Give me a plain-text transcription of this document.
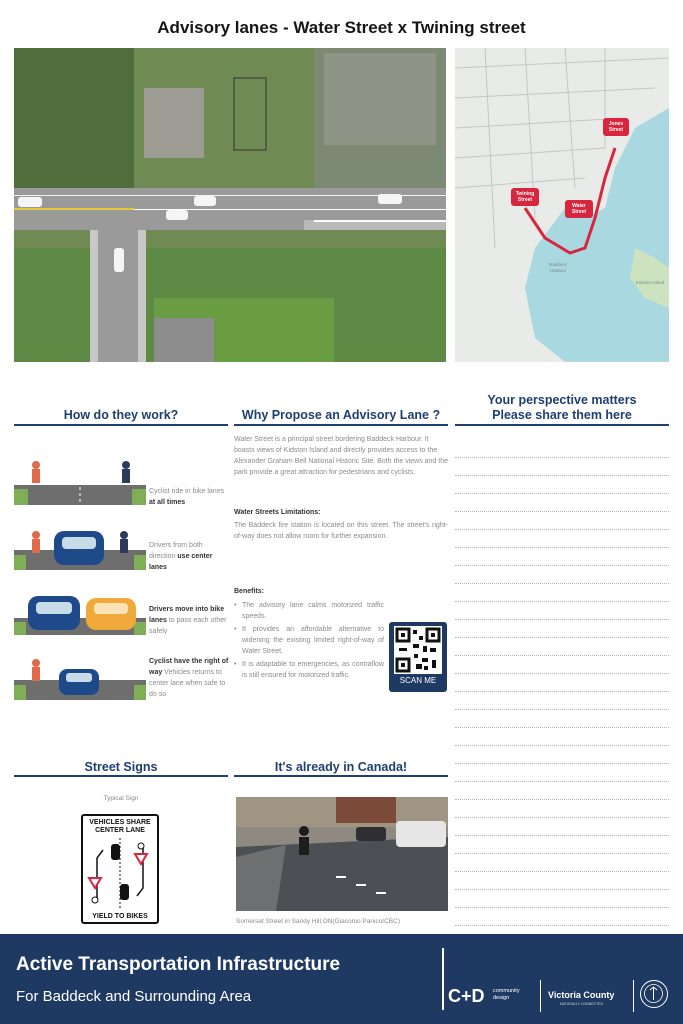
Advisory lanes - Water Street x Twining street
Jones Street
Twining Street
Water Street
Baddeck Harbour
Kidston Island
How do they work?	Why Propose an Advisory Lane ?
Your perspective matters
Please share them here
Cyclist ride in bike lanes at all times
Drivers from both direction use center lanes
Drivers move into bike lanes to pass each other safely
Cyclist have the right of way Vehicles returns to center lane when safe to do so
Water Street is a principal street bordering Baddeck Harbour. It boasts views of Kidston Island and directly provides access to the Alexander Graham Bell National Historic Site. Both the views and the park provide a great attraction for pedestrians and cyclists.
Water Streets Limitations:
The Baddeck fire station is located on this street. The street's right-of-way does not allow room for further expansion.
Benefits:
• The advisory lane calms motorized traffic speeds.
• It provides an affordable alternative to widening the existing limited right-of-way of Water Street.
• It is adaptable to emergencies, as contraflow is still ensured for motorized traffic.
SCAN ME
Street Signs
Typical Sign
VEHICLES SHARE
CENTER LANE
YIELD TO BIKES
It's already in Canada!
Somerset Street in Sandy Hill,ON(Giacomo Panico/CBC)
Active Transportation Infrastructure
For Baddeck and Surrounding Area	C+D community
design	Victoria County
NATURALLY CONNECTED
